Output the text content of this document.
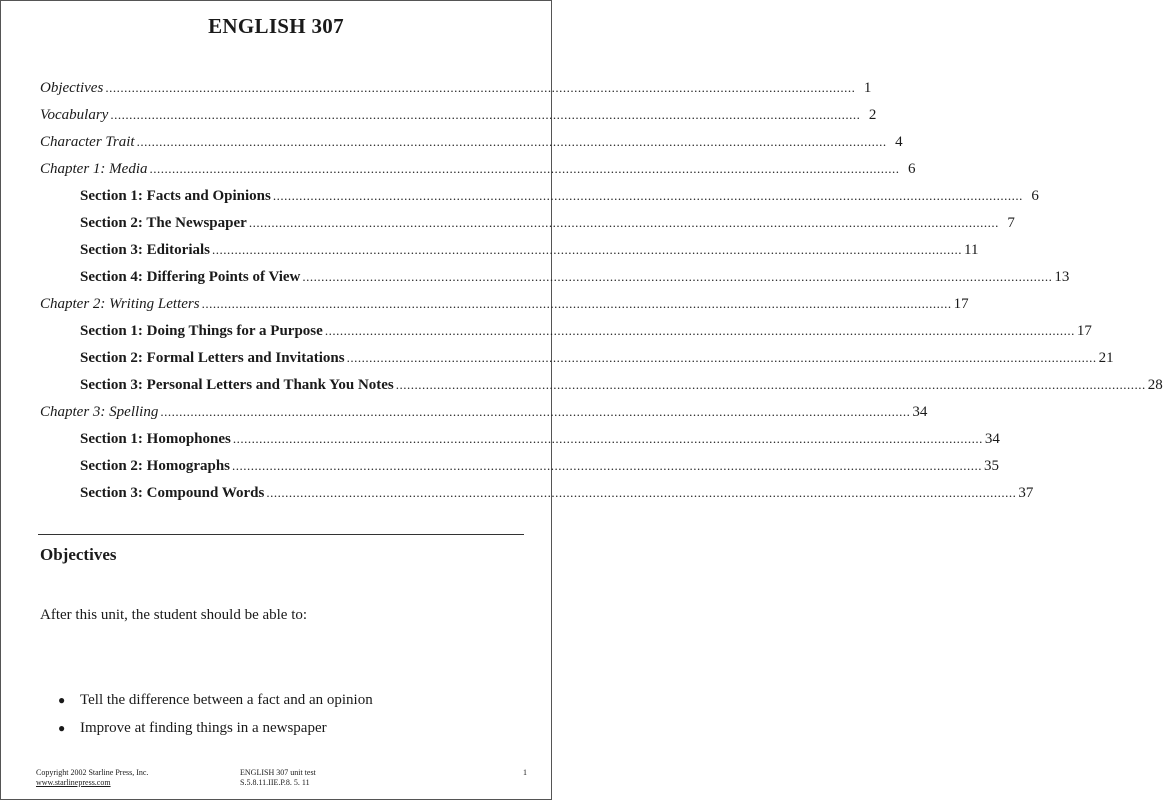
ENGLISH 307
Objectives ........................................................................................................................................................................................................ 1
Vocabulary ........................................................................................................................................................................................................ 2
Character Trait ........................................................................................................................................................................................................ 4
Chapter 1: Media ........................................................................................................................................................................................................ 6
Section 1: Facts and Opinions ........................................................................................................................................................................................................ 6
Section 2: The Newspaper ........................................................................................................................................................................................................ 7
Section 3: Editorials ........................................................................................................................................................................................................ 11
Section 4: Differing Points of View ........................................................................................................................................................................................................ 13
Chapter 2: Writing Letters ........................................................................................................................................................................................................ 17
Section 1: Doing Things for a Purpose ........................................................................................................................................................................................................ 17
Section 2: Formal Letters and Invitations ........................................................................................................................................................................................................ 21
Section 3: Personal Letters and Thank You Notes ........................................................................................................................................................................................................ 28
Chapter 3: Spelling ........................................................................................................................................................................................................ 34
Section 1: Homophones ........................................................................................................................................................................................................ 34
Section 2: Homographs ........................................................................................................................................................................................................ 35
Section 3: Compound Words ........................................................................................................................................................................................................ 37
Objectives
After this unit, the student should be able to:
● Tell the difference between a fact and an opinion
● Improve at finding things in a newspaper
Copyright 2002 Starline Press, Inc.
www.starlinepress.com
ENGLISH 307 unit test
S.5.8.11.IIE.P.8. 5. 11
1
